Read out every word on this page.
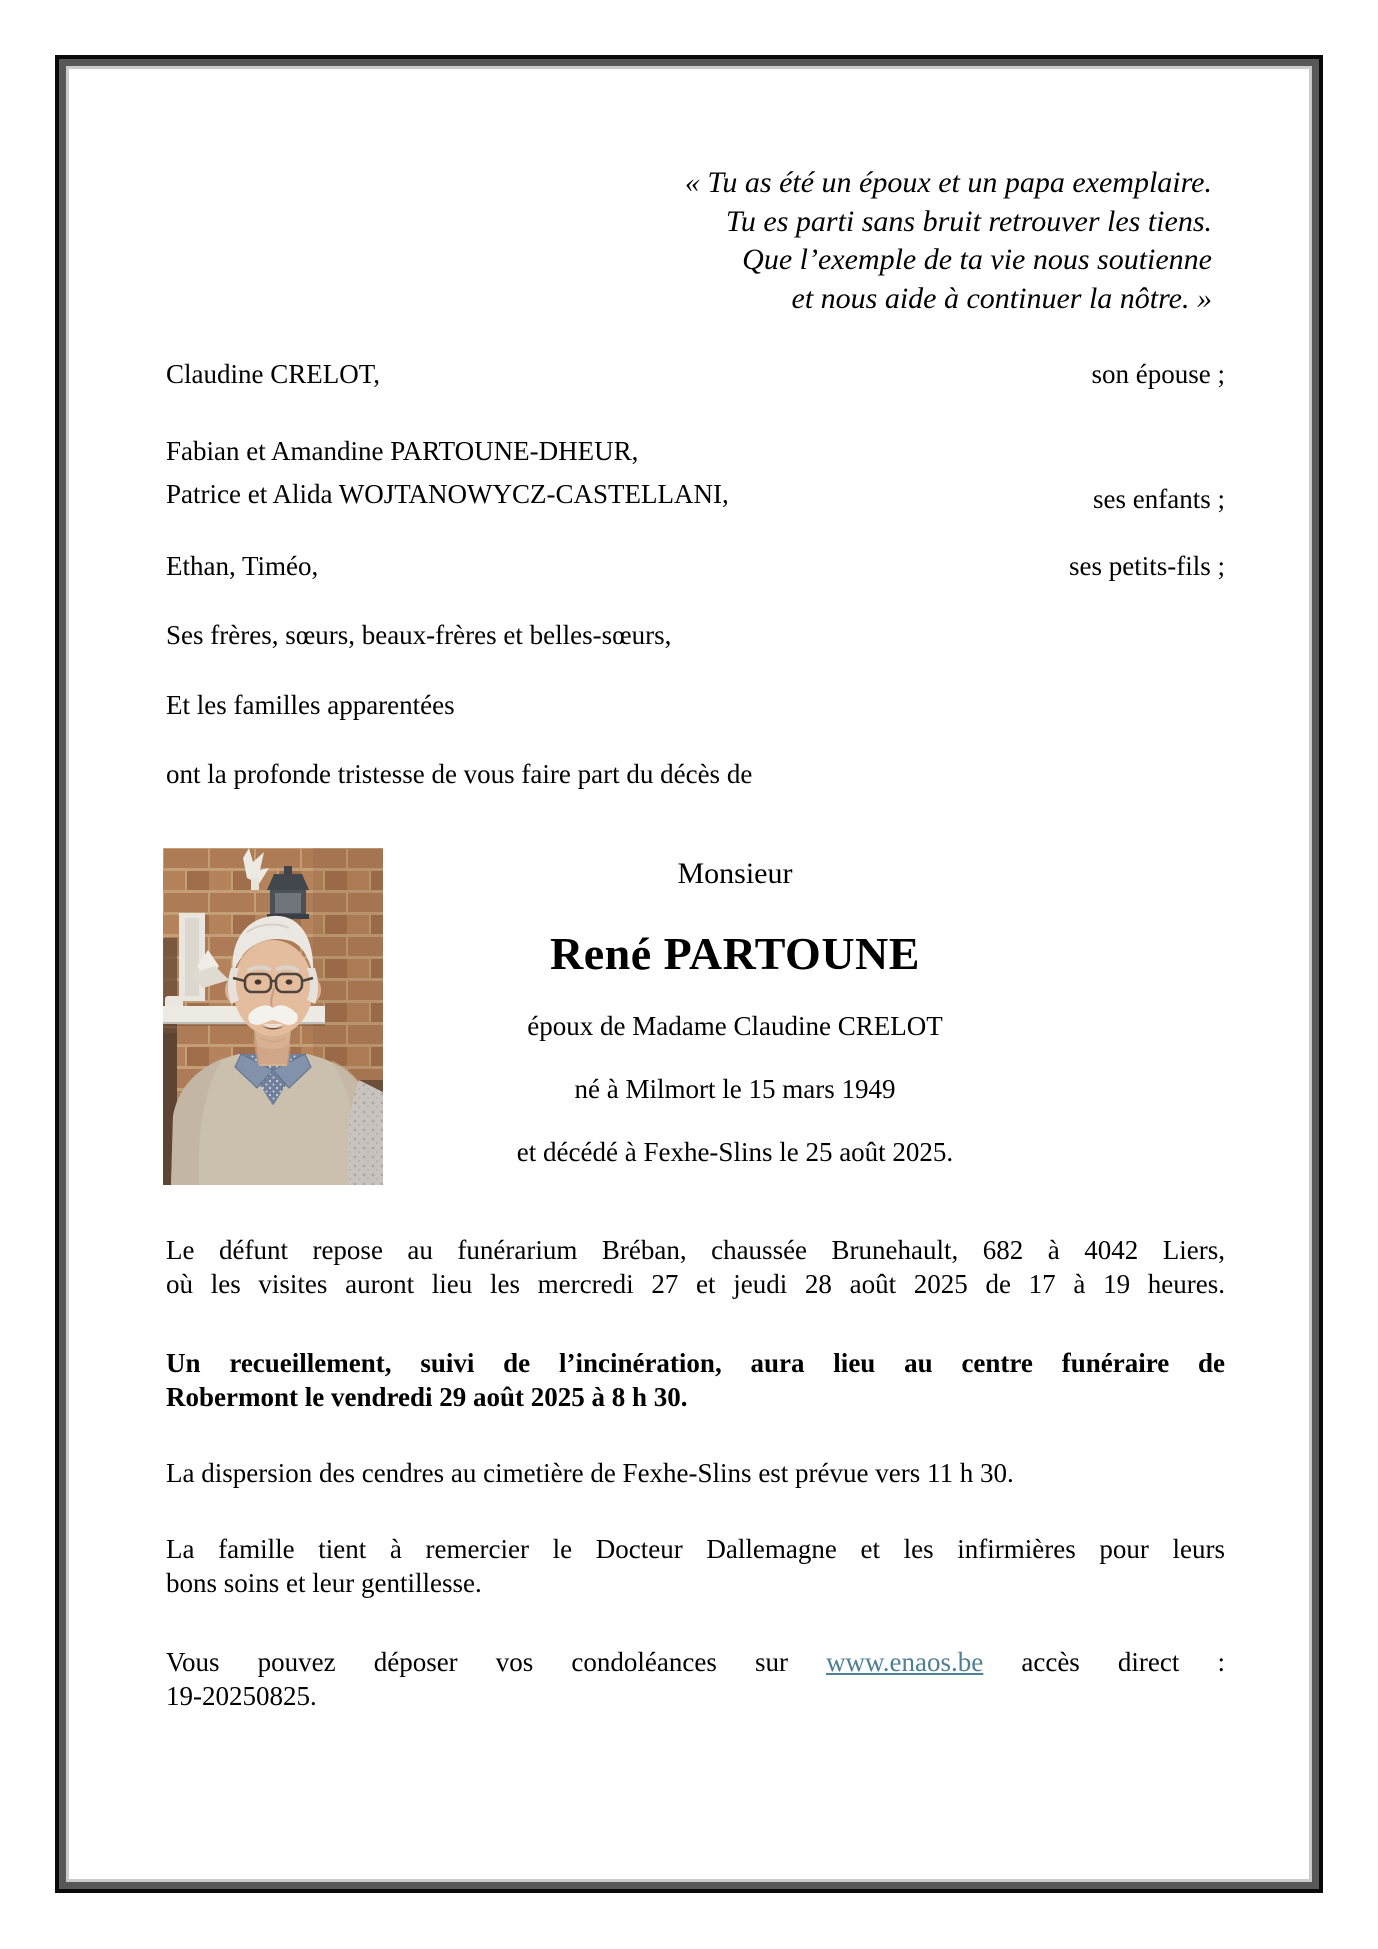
« Tu as été un époux et un papa exemplaire.
Tu es parti sans bruit retrouver les tiens.
Que l’exemple de ta vie nous soutienne
et nous aide à continuer la nôtre. »
Claudine CRELOT,	son épouse ;
Fabian et Amandine PARTOUNE-DHEUR,
Patrice et Alida WOJTANOWYCZ-CASTELLANI,	ses enfants ;
Ethan, Timéo,	ses petits-fils ;
Ses frères, sœurs, beaux-frères et belles-sœurs,
Et les familles apparentées
ont la profonde tristesse de vous faire part du décès de
Monsieur
René PARTOUNE
époux de Madame Claudine CRELOT
né à Milmort le 15 mars 1949
et décédé à Fexhe-Slins le 25 août 2025.
Le défunt repose au funérarium Bréban, chaussée Brunehault, 682 à 4042 Liers,
où les visites auront lieu les mercredi 27 et jeudi 28 août 2025 de 17 à 19 heures.
Un recueillement, suivi de l’incinération, aura lieu au centre funéraire de
Robermont le vendredi 29 août 2025 à 8 h 30.
La dispersion des cendres au cimetière de Fexhe-Slins est prévue vers 11 h 30.
La famille tient à remercier le Docteur Dallemagne et les infirmières pour leurs
bons soins et leur gentillesse.
Vous pouvez déposer vos condoléances sur www.enaos.be accès direct :
19-20250825.
